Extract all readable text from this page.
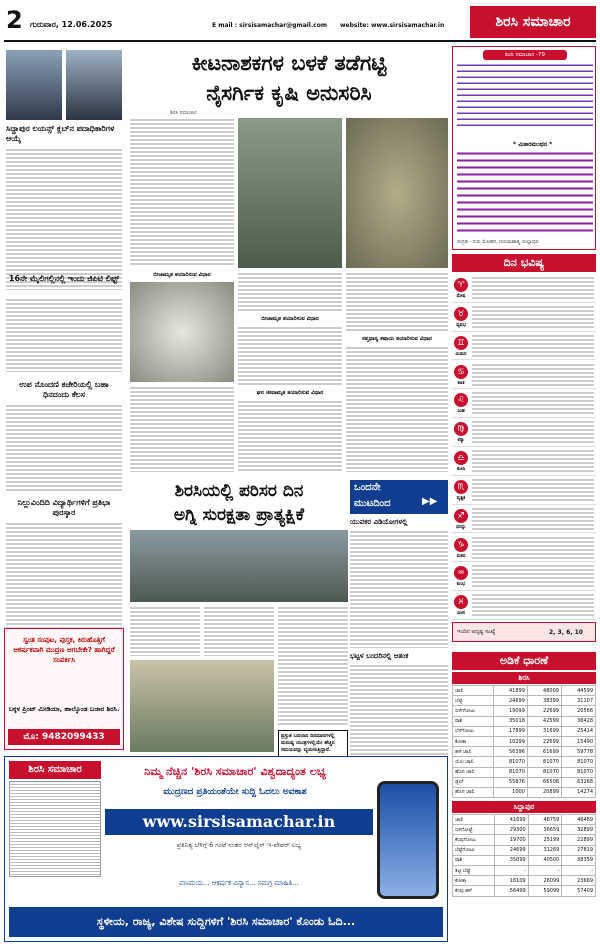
2 ಗುರುವಾರ, 12.06.2025	E mail : sirsisamachar@gmail.com website: www.sirsisamachar.in	ಶಿರಸಿ ಸಮಾಚಾರ
ಸಿದ್ದಾಪುರ ಲಯನ್ಸ್ ಕ್ಲಬ್‌ನ ಪದಾಧಿಕಾರಿಗಳ ಆಯ್ಕೆ
16ನೇ ಮೈಲಿಗಲ್ಲಿನಲ್ಲಿ ಇಂದು ಜಿಪಿಟಿ ಲಿಫ್ಟ್
ಉಪ ನೊಂದಣಿ ಕಚೇರಿಯಲ್ಲಿ ಬಹಾ ಧಿನದಂದು ಕೆಲಸ
ನಿಲ್ಲುವಿಂದಿದಿ ವಿದ್ಯಾರ್ಥಿಗಳಿಗೆ ಪ್ರತಿಭಾ ಪುರಸ್ಕಾರ
ಸ್ವಂತ ಸಂಪುಟ, ಪುಸ್ತಕ, ಕಿರುಹೊತ್ತಿಗೆ ಆಕರ್ಷಕವಾಗಿ ಮುದ್ರಣ ಆಗಬೇಕೇ? ಹಾಗಿದ್ದರೆ ಸಂಪರ್ಕಿಸಿ
ಬಕ್ಕಳ ಪ್ರಿಂಟ್ ಮೀಡಿಯಾ, ಹಾಲ್ಕೊಂಡ ಬಜಾರ ಶಿರಸಿ.
ಮೊ: 9482099433
ಕೀಟನಾಶಕಗಳ ಬಳಕೆ ತಡೆಗಟ್ಟಿ
ನೈಸರ್ಗಿಕ ಕೃಷಿ ಅನುಸರಿಸಿ
ಶಿರಸಿ ಸಮಾಚಾರ
ಬೀಜಾಮೃತ ತಯಾರಿಸುವ ವಿಧಾನ
ಬೀಜಾಮೃತ ತಯಾರಿಸುವ ವಿಧಾನ
ಘನ ಜೀವಾಮೃತ ತಯಾರಿಸುವ ವಿಧಾನ
ಸಪ್ತಧಾನ್ಯ ಕಷಾಯ ತಯಾರಿಸುವ ವಿಧಾನ
ಶಿರಸಿ ಸಮಾಚಾರ -79
* ವಿಚಾರಮಂಥನ *
ಸಂಗ್ರಹ - ಗುರು ಮೋಹನ, ಗುರುಮಹಾತ್ಮ ಯಲ್ಲಾಪುರ
ದಿನ ಭವಿಷ್ಯ
♈
ಮೇಷ
♉
ವೃಷಭ
♊
ಮಿಥುನ
♋
ಕಟಕ
♌
ಸಿಂಹ
♍
ಕನ್ಯಾ
♎
ತುಲಾ
♏
ವೃಶ್ಚಿಕ
♐
ಧನಸ್ಸು
♑
ಮಕರ
♒
ಕುಂಭ
♓
ಮೀನ
ಇಂದಿನ ಅದೃಷ್ಟ ಸಂಖ್ಯೆ	2, 3, 6, 10
ಅಡಿಕೆ ಧಾರಣೆ
ಶಿರಸಿ
ಚಾಲಿ	41899	48009	44599
ಬೆಟ್ಟೆ	24699	38399	31107
ಬಿಳೇಗೋಟು	19099	22699	20566
ರಾಶಿ	35018	42599	38428
ಬೆಳೆಗೋಟು	17899	31699	25414
ಕೋಕಾ	10299	22699	15490
ಹಳೆ ಚಾಲಿ	56396	61699	59778
ಯೋ ಚಾಲಿ	81070	81070	81070
ಹೊಸ ಚಾಲಿ	81070	81070	81070
ಡ್ಬಲ್	55876	66508	63268
ಹೊಸ ಚಾಲಿ	1000	20899	14274
ಸಿದ್ದಾಪುರ
ಚಾಲಿ	41699	46759	46489
ಬಿಳಿಗೋಟ್ಟೆ	29300	36659	32899
ಕೆಂಪುಗೋಟು	19700	25199	22899
ಬೆಟ್ಟೆಗೋಟು	24699	31269	27819
ರಾಶಿ	35099	40500	38359
ತಟ್ಟಿ ಬೆಟ್ಟೆ	-	-	-
ಕೋಕಾ	16109	26099	23669
ಕೆಂಪು ಹಳೆ	56499	59099	57409
ಶಿರಸಿಯಲ್ಲಿ ಪರಿಸರ ದಿನ
ಅಗ್ನಿ ಸುರಕ್ಷತಾ ಪ್ರಾತ್ಯಕ್ಷಿಕೆ
ಪ್ರಸ್ತುತ ಬದಲಾದ ದಿನಮಾನಗಳಲ್ಲಿ ಮನುಷ್ಯ ಯಂತ್ರಗಳಲ್ಲಿಯೇ ಹೆಚ್ಚಿನ ಸಮಯವನ್ನು ವ್ಯಯಿಸುತ್ತಿದ್ದಾನೆ.
ಒಂದನೇ
ಮುಟದಿಂದ	▶▶
ಯುವಕರ ವಿಡಿಯೋಗಳಲ್ಲಿ
ಭಟ್ಟಳ ಬಂದರಿನಲ್ಲಿ ಆತಂಕ
ಶಿರಸಿ ಸಮಾಚಾರ	ನಿಮ್ಮ ನೆಚ್ಚಿನ 'ಶಿರಸಿ ಸಮಾಚಾರ' ವಿಶ್ವದಾದ್ಯಂತ ಲಭ್ಯ
ಮುದ್ರಣದ ಪ್ರತಿಯಂತೆಯೇ ಸುದ್ದಿ ಓದಲು ಅವಕಾಶ
www.sirsisamachar.in
ಪ್ರತಿನಿತ್ಯ ಬೆಳಿಗ್ಗೆ 6 ಗಂಟೆ ನಂತರ ಆನ್‌ಲೈನ್ ಇ-ಪೇಪರ್ ಲಭ್ಯ
ವಣಮಯ... ಆಕರ್ಷಕ ವಿನ್ಯಾಸ... ಸಮಗ್ರ ಮಾಹಿತಿ...
ಸ್ಥಳೀಯ, ರಾಜ್ಯ, ವಿಶೇಷ ಸುದ್ದಿಗಳಿಗೆ 'ಶಿರಸಿ ಸಮಾಚಾರ' ಕೊಂಡು ಓದಿ...
